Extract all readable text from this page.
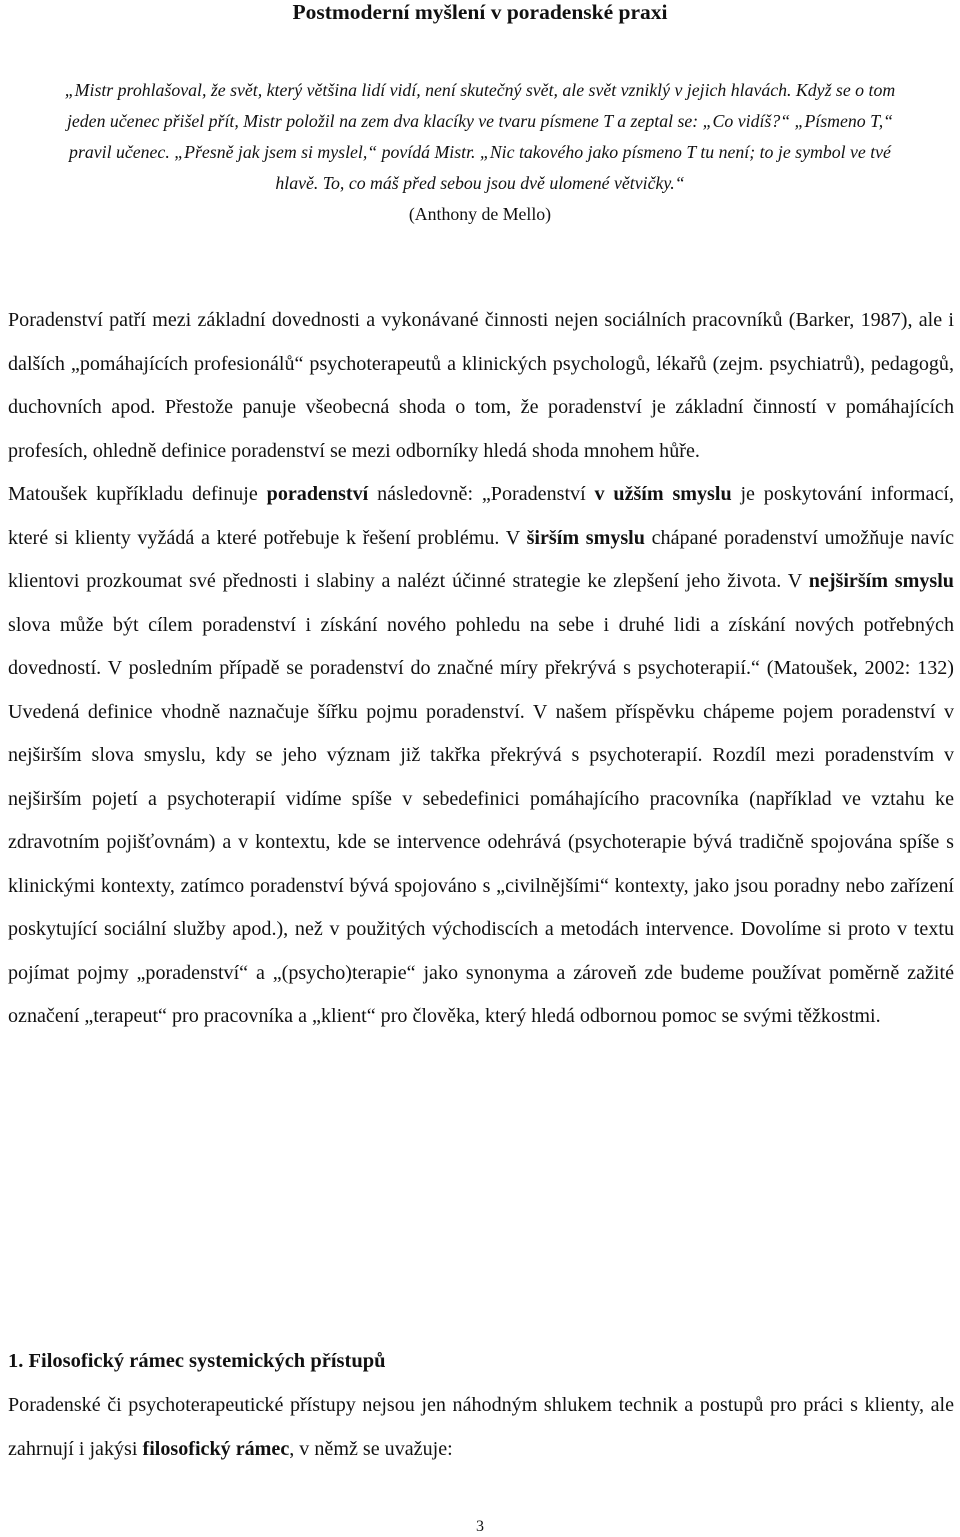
Postmoderní myšlení v poradenské praxi
„Mistr prohlašoval, že svět, který většina lidí vidí, není skutečný svět, ale svět vzniklý v jejich hlavách. Když se o tom jeden učenec přišel přít, Mistr položil na zem dva klacíky ve tvaru písmene T a zeptal se: „Co vidíš?“ „Písmeno T,“ pravil učenec. „Přesně jak jsem si myslel,“ povídá Mistr. „Nic takového jako písmeno T tu není; to je symbol ve tvé hlavě. To, co máš před sebou jsou dvě ulomené větvičky.“
(Anthony de Mello)

Poradenství patří mezi základní dovednosti a vykonávané činnosti nejen sociálních pracovníků (Barker, 1987), ale i dalších „pomáhajících profesionálů“ psychoterapeutů a klinických psychologů, lékařů (zejm. psychiatrů), pedagogů, duchovních apod. Přestože panuje všeobecná shoda o tom, že poradenství je základní činností v pomáhajících profesích, ohledně definice poradenství se mezi odborníky hledá shoda mnohem hůře.

Matoušek kupříkladu definuje poradenství následovně: „Poradenství v užším smyslu je poskytování informací, které si klienty vyžádá a které potřebuje k řešení problému. V širším smyslu chápané poradenství umožňuje navíc klientovi prozkoumat své přednosti i slabiny a nalézt účinné strategie ke zlepšení jeho života. V nejširším smyslu slova může být cílem poradenství i získání nového pohledu na sebe i druhé lidi a získání nových potřebných dovedností. V posledním případě se poradenství do značné míry překrývá s psychoterapií.“ (Matoušek, 2002: 132) Uvedená definice vhodně naznačuje šířku pojmu poradenství. V našem příspěvku chápeme pojem poradenství v nejširším slova smyslu, kdy se jeho význam již takřka překrývá s psychoterapií. Rozdíl mezi poradenstvím v nejširším pojetí a psychoterapií vidíme spíše v sebedefinici pomáhajícího pracovníka (například ve vztahu ke zdravotním pojišťovnám) a v kontextu, kde se intervence odehrává (psychoterapie bývá tradičně spojována spíše s klinickými kontexty, zatímco poradenství bývá spojováno s „civilnějšími“ kontexty, jako jsou poradny nebo zařízení poskytující sociální služby apod.), než v použitých východiscích a metodách intervence. Dovolíme si proto v textu pojímat pojmy „poradenství“ a „(psycho)terapie“ jako synonyma a zároveň zde budeme používat poměrně zažité označení „terapeut“ pro pracovníka a „klient“ pro člověka, který hledá odbornou pomoc se svými těžkostmi.

1. Filosofický rámec systemických přístupů
Poradenské či psychoterapeutické přístupy nejsou jen náhodným shlukem technik a postupů pro práci s klienty, ale zahrnují i jakýsi filosofický rámec, v němž se uvažuje:
3
